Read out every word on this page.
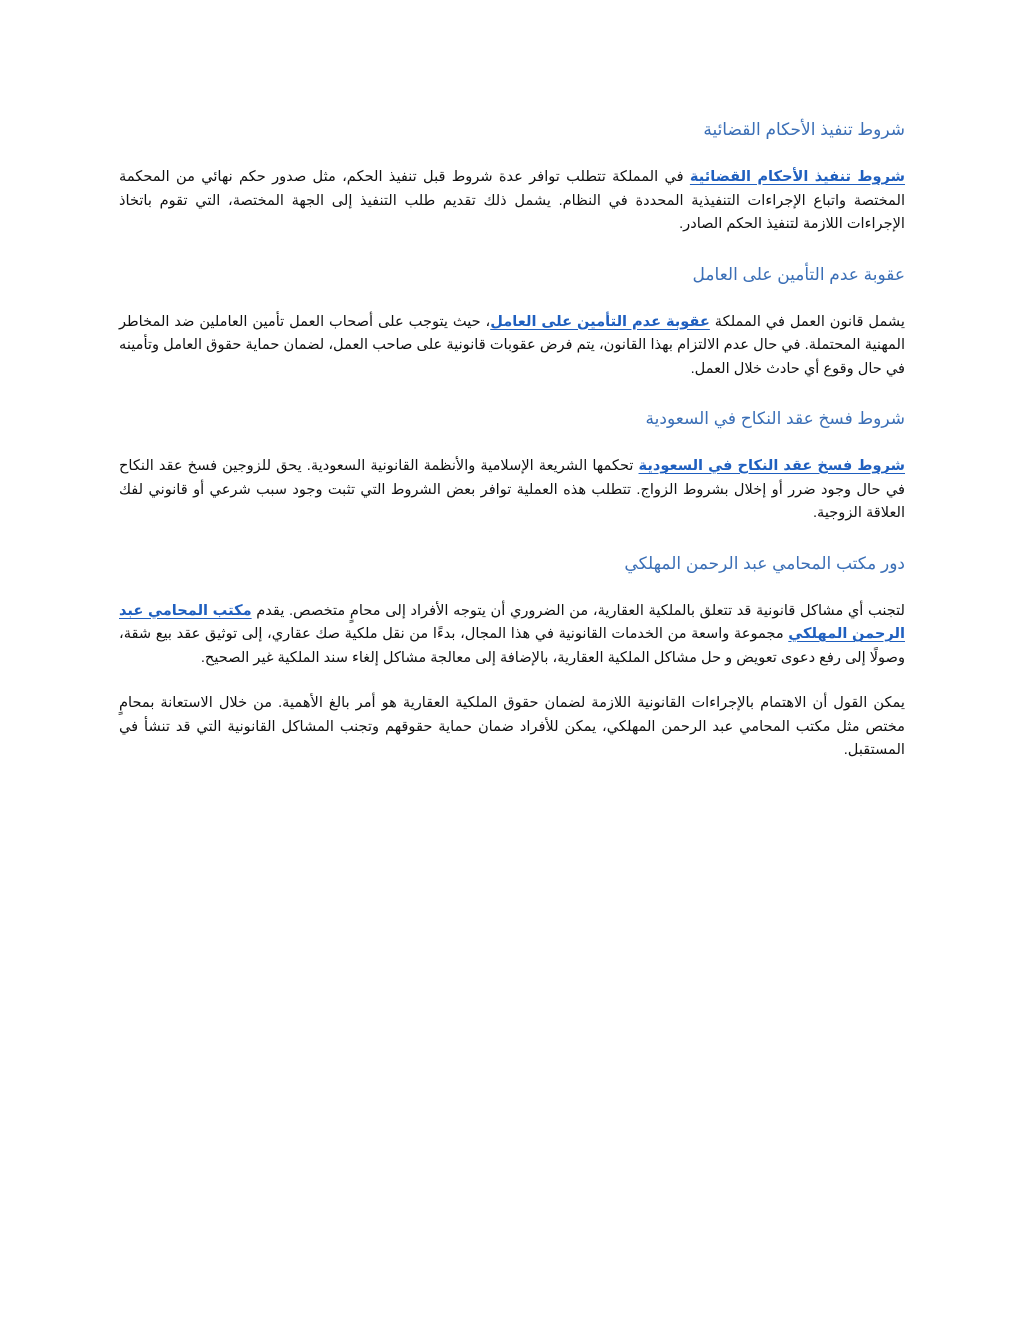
شروط تنفيذ الأحكام القضائية

شروط تنفيذ الأحكام القضائية في المملكة تتطلب توافر عدة شروط قبل تنفيذ الحكم، مثل صدور حكم نهائي من المحكمة المختصة واتباع الإجراءات التنفيذية المحددة في النظام. يشمل ذلك تقديم طلب التنفيذ إلى الجهة المختصة، التي تقوم باتخاذ الإجراءات اللازمة لتنفيذ الحكم الصادر.

عقوبة عدم التأمين على العامل

يشمل قانون العمل في المملكة عقوبة عدم التأمين على العامل، حيث يتوجب على أصحاب العمل تأمين العاملين ضد المخاطر المهنية المحتملة. في حال عدم الالتزام بهذا القانون، يتم فرض عقوبات قانونية على صاحب العمل، لضمان حماية حقوق العامل وتأمينه في حال وقوع أي حادث خلال العمل.

شروط فسخ عقد النكاح في السعودية

شروط فسخ عقد النكاح في السعودية تحكمها الشريعة الإسلامية والأنظمة القانونية السعودية. يحق للزوجين فسخ عقد النكاح في حال وجود ضرر أو إخلال بشروط الزواج. تتطلب هذه العملية توافر بعض الشروط التي تثبت وجود سبب شرعي أو قانوني لفك العلاقة الزوجية.

دور مكتب المحامي عبد الرحمن المهلكي

لتجنب أي مشاكل قانونية قد تتعلق بالملكية العقارية، من الضروري أن يتوجه الأفراد إلى محامٍ متخصص. يقدم مكتب المحامي عبد الرحمن المهلكي مجموعة واسعة من الخدمات القانونية في هذا المجال، بدءًا من نقل ملكية صك عقاري، إلى توثيق عقد بيع شقة، وصولًا إلى رفع دعوى تعويض و حل مشاكل الملكية العقارية، بالإضافة إلى معالجة مشاكل إلغاء سند الملكية غير الصحيح.

يمكن القول أن الاهتمام بالإجراءات القانونية اللازمة لضمان حقوق الملكية العقارية هو أمر بالغ الأهمية. من خلال الاستعانة بمحامٍ مختص مثل مكتب المحامي عبد الرحمن المهلكي، يمكن للأفراد ضمان حماية حقوقهم وتجنب المشاكل القانونية التي قد تنشأ في المستقبل.
